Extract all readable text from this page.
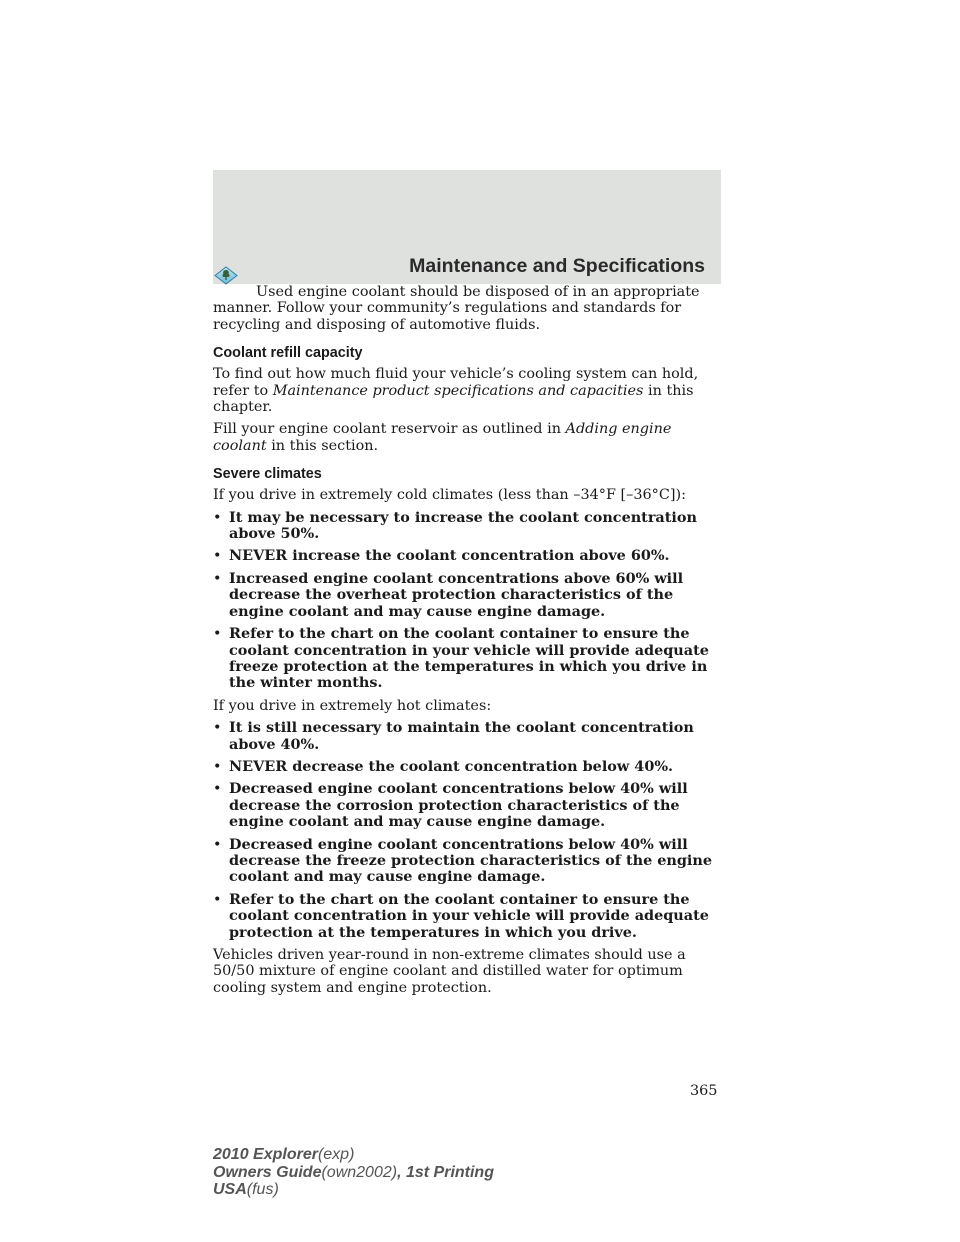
Maintenance and Specifications

Used engine coolant should be disposed of in an appropriate manner. Follow your community’s regulations and standards for recycling and disposing of automotive fluids.

Coolant refill capacity

To find out how much fluid your vehicle’s cooling system can hold, refer to Maintenance product specifications and capacities in this chapter.

Fill your engine coolant reservoir as outlined in Adding engine coolant in this section.

Severe climates

If you drive in extremely cold climates (less than –34°F [–36°C]):

• It may be necessary to increase the coolant concentration above 50%.
• NEVER increase the coolant concentration above 60%.
• Increased engine coolant concentrations above 60% will decrease the overheat protection characteristics of the engine coolant and may cause engine damage.
• Refer to the chart on the coolant container to ensure the coolant concentration in your vehicle will provide adequate freeze protection at the temperatures in which you drive in the winter months.

If you drive in extremely hot climates:

• It is still necessary to maintain the coolant concentration above 40%.
• NEVER decrease the coolant concentration below 40%.
• Decreased engine coolant concentrations below 40% will decrease the corrosion protection characteristics of the engine coolant and may cause engine damage.
• Decreased engine coolant concentrations below 40% will decrease the freeze protection characteristics of the engine coolant and may cause engine damage.
• Refer to the chart on the coolant container to ensure the coolant concentration in your vehicle will provide adequate protection at the temperatures in which you drive.

Vehicles driven year-round in non-extreme climates should use a 50/50 mixture of engine coolant and distilled water for optimum cooling system and engine protection.

365
2010 Explorer(exp)
Owners Guide(own2002), 1st Printing
USA(fus)
